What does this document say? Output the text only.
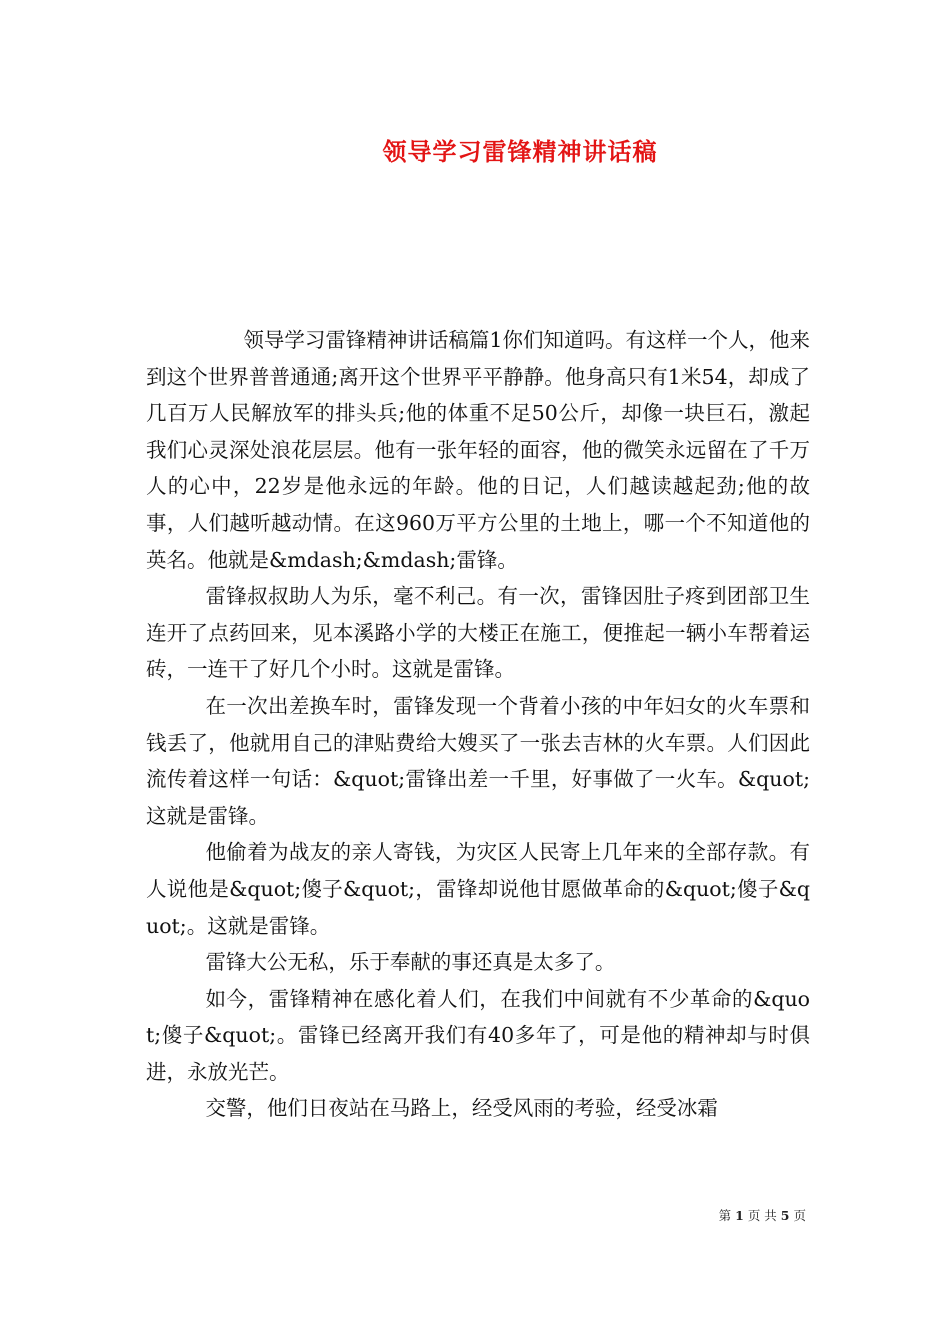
领导学习雷锋精神讲话稿

领导学习雷锋精神讲话稿篇1你们知道吗。有这样一个人，他来到这个世界普普通通;离开这个世界平平静静。他身高只有1米54，却成了几百万人民解放军的排头兵;他的体重不足50公斤，却像一块巨石，激起我们心灵深处浪花层层。他有一张年轻的面容，他的微笑永远留在了千万人的心中，22岁是他永远的年龄。他的日记，人们越读越起劲;他的故事，人们越听越动情。在这960万平方公里的土地上，哪一个不知道他的英名。他就是&mdash;&mdash;雷锋。

雷锋叔叔助人为乐，毫不利己。有一次，雷锋因肚子疼到团部卫生连开了点药回来，见本溪路小学的大楼正在施工，便推起一辆小车帮着运砖，一连干了好几个小时。这就是雷锋。

在一次出差换车时，雷锋发现一个背着小孩的中年妇女的火车票和钱丢了，他就用自己的津贴费给大嫂买了一张去吉林的火车票。人们因此流传着这样一句话：&quot;雷锋出差一千里，好事做了一火车。&quot;这就是雷锋。

他偷着为战友的亲人寄钱，为灾区人民寄上几年来的全部存款。有人说他是&quot;傻子&quot;，雷锋却说他甘愿做革命的&quot;傻子&quot;。这就是雷锋。

雷锋大公无私，乐于奉献的事还真是太多了。

如今，雷锋精神在感化着人们，在我们中间就有不少革命的&quot;傻子&quot;。雷锋已经离开我们有40多年了，可是他的精神却与时俱进，永放光芒。

交警，他们日夜站在马路上，经受风雨的考验，经受冰霜

第 1 页 共 5 页
